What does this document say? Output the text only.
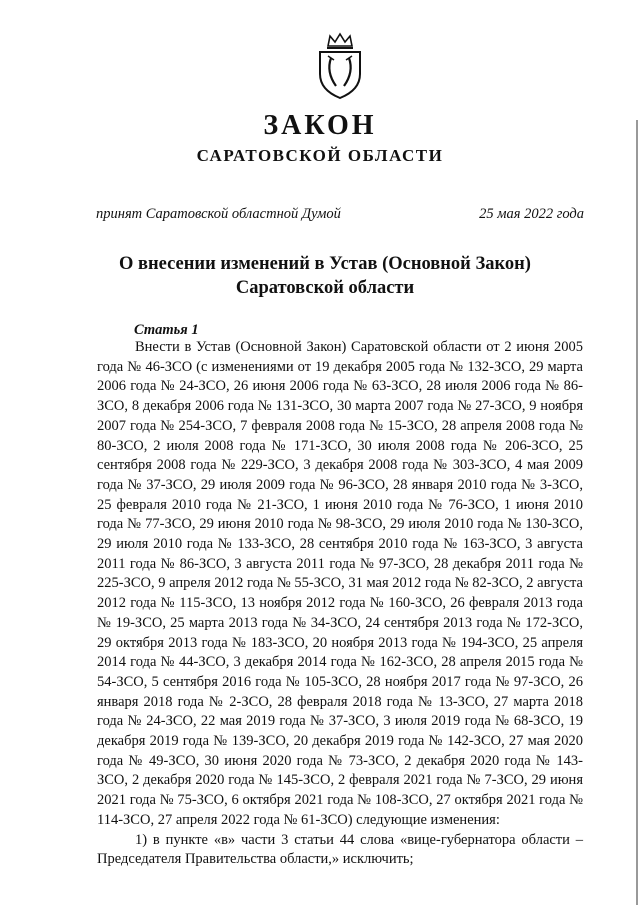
ЗАКОН
САРАТОВСКОЙ ОБЛАСТИ
принят Саратовской областной Думой	25 мая 2022 года
О внесении изменений в Устав (Основной Закон)
Саратовской области
Статья 1

Внести в Устав (Основной Закон) Саратовской области от 2 июня 2005 года № 46-ЗСО (с изменениями от 19 декабря 2005 года № 132-ЗСО, 29 марта 2006 года № 24-ЗСО, 26 июня 2006 года № 63-ЗСО, 28 июля 2006 года № 86-ЗСО, 8 декабря 2006 года № 131-ЗСО, 30 марта 2007 года № 27-ЗСО, 9 ноября 2007 года № 254-ЗСО, 7 февраля 2008 года № 15-ЗСО, 28 апреля 2008 года № 80-ЗСО, 2 июля 2008 года № 171-ЗСО, 30 июля 2008 года № 206-ЗСО, 25 сентября 2008 года № 229-ЗСО, 3 декабря 2008 года № 303-ЗСО, 4 мая 2009 года № 37-ЗСО, 29 июля 2009 года № 96-ЗСО, 28 января 2010 года № 3-ЗСО, 25 февраля 2010 года № 21-ЗСО, 1 июня 2010 года № 76-ЗСО, 1 июня 2010 года № 77-ЗСО, 29 июня 2010 года № 98-ЗСО, 29 июля 2010 года № 130-ЗСО, 29 июля 2010 года № 133-ЗСО, 28 сентября 2010 года № 163-ЗСО, 3 августа 2011 года № 86-ЗСО, 3 августа 2011 года № 97-ЗСО, 28 декабря 2011 года № 225-ЗСО, 9 апреля 2012 года № 55-ЗСО, 31 мая 2012 года № 82-ЗСО, 2 августа 2012 года № 115-ЗСО, 13 ноября 2012 года № 160-ЗСО, 26 февраля 2013 года № 19-ЗСО, 25 марта 2013 года № 34-ЗСО, 24 сентября 2013 года № 172-ЗСО, 29 октября 2013 года № 183-ЗСО, 20 ноября 2013 года № 194-ЗСО, 25 апреля 2014 года № 44-ЗСО, 3 декабря 2014 года № 162-ЗСО, 28 апреля 2015 года № 54-ЗСО, 5 сентября 2016 года № 105-ЗСО, 28 ноября 2017 года № 97-ЗСО, 26 января 2018 года № 2-ЗСО, 28 февраля 2018 года № 13-ЗСО, 27 марта 2018 года № 24-ЗСО, 22 мая 2019 года № 37-ЗСО, 3 июля 2019 года № 68-ЗСО, 19 декабря 2019 года № 139-ЗСО, 20 декабря 2019 года № 142-ЗСО, 27 мая 2020 года № 49-ЗСО, 30 июня 2020 года № 73-ЗСО, 2 декабря 2020 года № 143-ЗСО, 2 декабря 2020 года № 145-ЗСО, 2 февраля 2021 года № 7-ЗСО, 29 июня 2021 года № 75-ЗСО, 6 октября 2021 года № 108-ЗСО, 27 октября 2021 года № 114-ЗСО, 27 апреля 2022 года № 61-ЗСО) следующие изменения:

1) в пункте «в» части 3 статьи 44 слова «вице-губернатора области – Председателя Правительства области,» исключить;
